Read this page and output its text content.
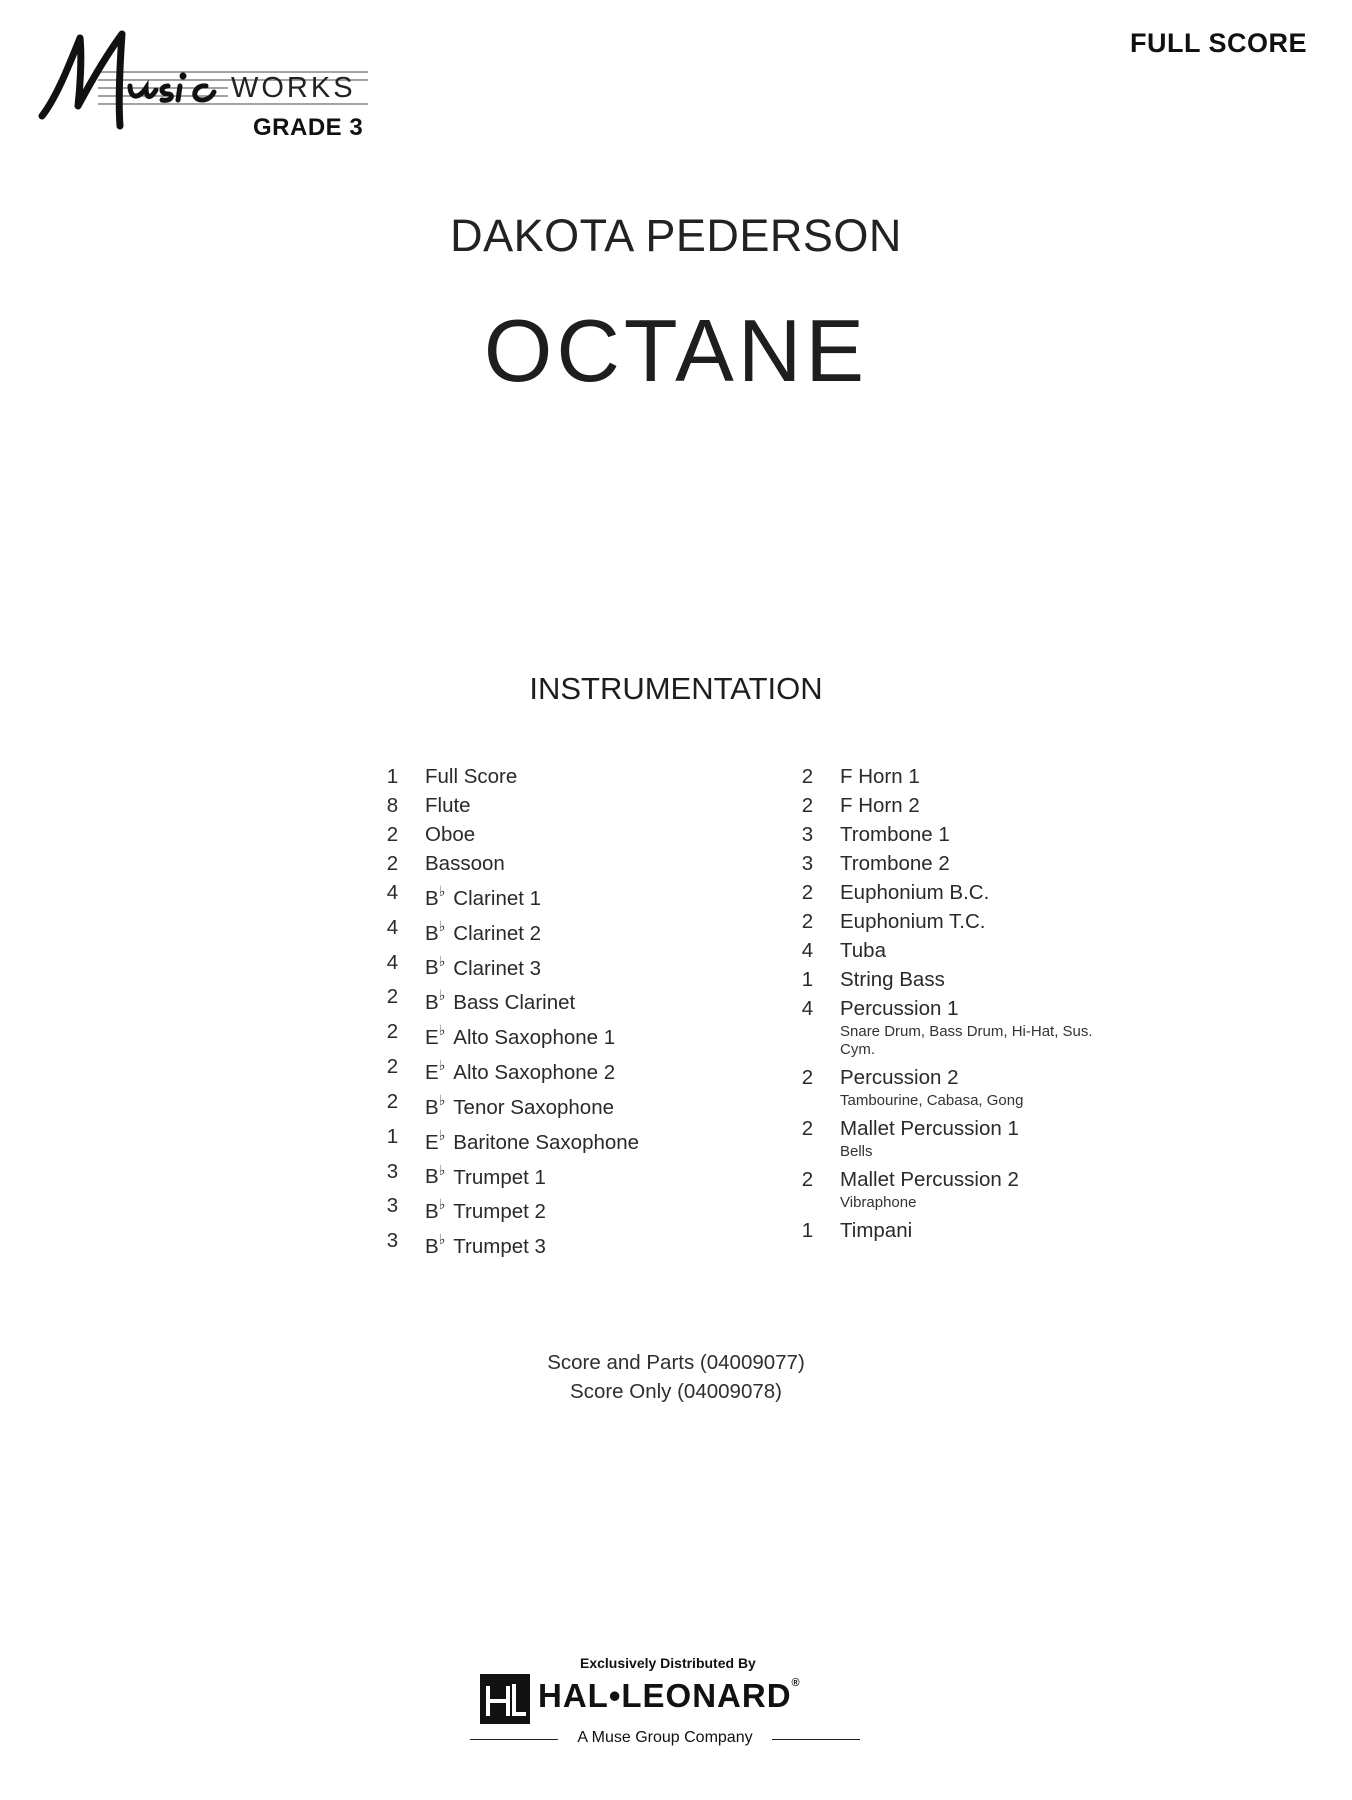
WORKS
GRADE 3
FULL SCORE
DAKOTA PEDERSON
OCTANE
INSTRUMENTATION
1	Full Score
8	Flute
2	Oboe
2	Bassoon
4	B♭ Clarinet 1
4	B♭ Clarinet 2
4	B♭ Clarinet 3
2	B♭ Bass Clarinet
2	E♭ Alto Saxophone 1
2	E♭ Alto Saxophone 2
2	B♭ Tenor Saxophone
1	E♭ Baritone Saxophone
3	B♭ Trumpet 1
3	B♭ Trumpet 2
3	B♭ Trumpet 3
2	F Horn 1
2	F Horn 2
3	Trombone 1
3	Trombone 2
2	Euphonium B.C.
2	Euphonium T.C.
4	Tuba
1	String Bass
4	Percussion 1
Snare Drum, Bass Drum, Hi-Hat, Sus. Cym.
2	Percussion 2
Tambourine, Cabasa, Gong
2	Mallet Percussion 1
Bells
2	Mallet Percussion 2
Vibraphone
1	Timpani
Score and Parts (04009077)
Score Only (04009078)
Exclusively Distributed By
HAL•LEONARD®
A Muse Group Company
